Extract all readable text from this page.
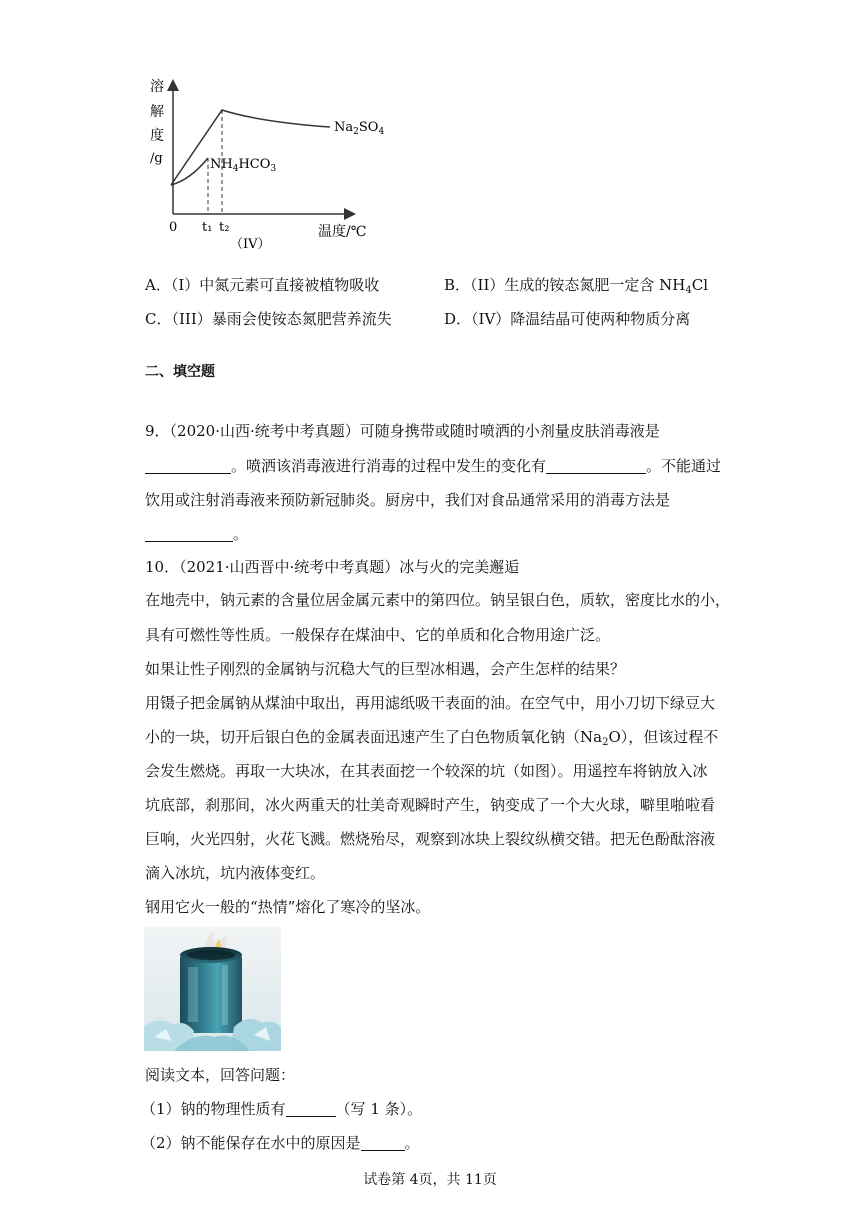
溶
解
度
/g
$Na_2SO_4$
$NH_4HCO_3$
0 t₁ t₂	温度/℃
（IV）
A．（I）中氮元素可直接被植物吸收	B．（II）生成的铵态氮肥一定含 $NH_4Cl$
C．（III）暴雨会使铵态氮肥营养流失	D．（IV）降温结晶可使两种物质分离
二、填空题
9．（2020·山西·统考中考真题）可随身携带或随时喷洒的小剂量皮肤消毒液是
。喷洒该消毒液进行消毒的过程中发生的变化有	。不能通过
饮用或注射消毒液来预防新冠肺炎。厨房中，我们对食品通常采用的消毒方法是
。
10．（2021·山西晋中·统考中考真题）冰与火的完美邂逅
在地壳中，钠元素的含量位居金属元素中的第四位。钠呈银白色，质软，密度比水的小，
具有可燃性等性质。一般保存在煤油中、它的单质和化合物用途广泛。
如果让性子刚烈的金属钠与沉稳大气的巨型冰相遇，会产生怎样的结果？
用镊子把金属钠从煤油中取出，再用滤纸吸干表面的油。在空气中，用小刀切下绿豆大
小的一块，切开后银白色的金属表面迅速产生了白色物质氧化钠$(Na_2O)$，但该过程不
会发生燃烧。再取一大块冰，在其表面挖一个较深的坑（如图）。用遥控车将钠放入冰
坑底部，刹那间，冰火两重天的壮美奇观瞬时产生，钠变成了一个大火球，噼里啪啦看
巨响，火光四射，火花飞溅。燃烧殆尽，观察到冰块上裂纹纵横交错。把无色酚酞溶液
滴入冰坑，坑内液体变红。
钢用它火一般的“热情”熔化了寒冷的坚冰。
阅读文本，回答问题：
（1）钠的物理性质有	（写 1 条）。
（2）钠不能保存在水中的原因是	。
试卷第 4页，共 11页
